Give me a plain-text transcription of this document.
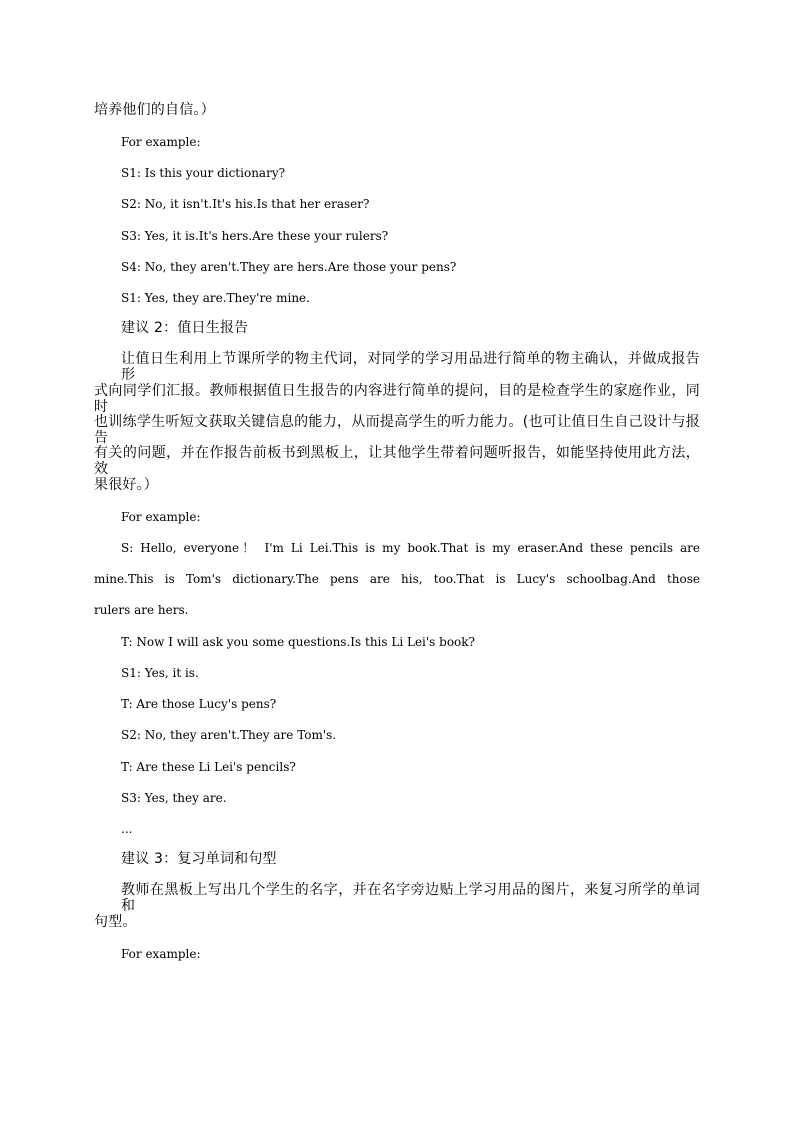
培养他们的自信。）
For example:
S1: Is this your dictionary?
S2: No, it isn't.It's his.Is that her eraser?
S3: Yes, it is.It's hers.Are these your rulers?
S4: No, they aren't.They are hers.Are those your pens?
S1: Yes, they are.They're mine.
建议 2：值日生报告
让值日生利用上节课所学的物主代词，对同学的学习用品进行简单的物主确认，并做成报告形
式向同学们汇报。教师根据值日生报告的内容进行简单的提问，目的是检查学生的家庭作业，同时
也训练学生听短文获取关键信息的能力，从而提高学生的听力能力。(也可让值日生自己设计与报告
有关的问题，并在作报告前板书到黑板上，让其他学生带着问题听报告，如能坚持使用此方法，效
果很好。）
For example:
S: Hello, everyone！ I'm Li Lei.This is my book.That is my eraser.And these pencils are
mine.This is Tom's dictionary.The pens are his, too.That is Lucy's schoolbag.And those
rulers are hers.
T: Now I will ask you some questions.Is this Li Lei's book?
S1: Yes, it is.
T: Are those Lucy's pens?
S2: No, they aren't.They are Tom's.
T: Are these Li Lei's pencils?
S3: Yes, they are.
...
建议 3：复习单词和句型
教师在黑板上写出几个学生的名字，并在名字旁边贴上学习用品的图片，来复习所学的单词和
句型。
For example:
